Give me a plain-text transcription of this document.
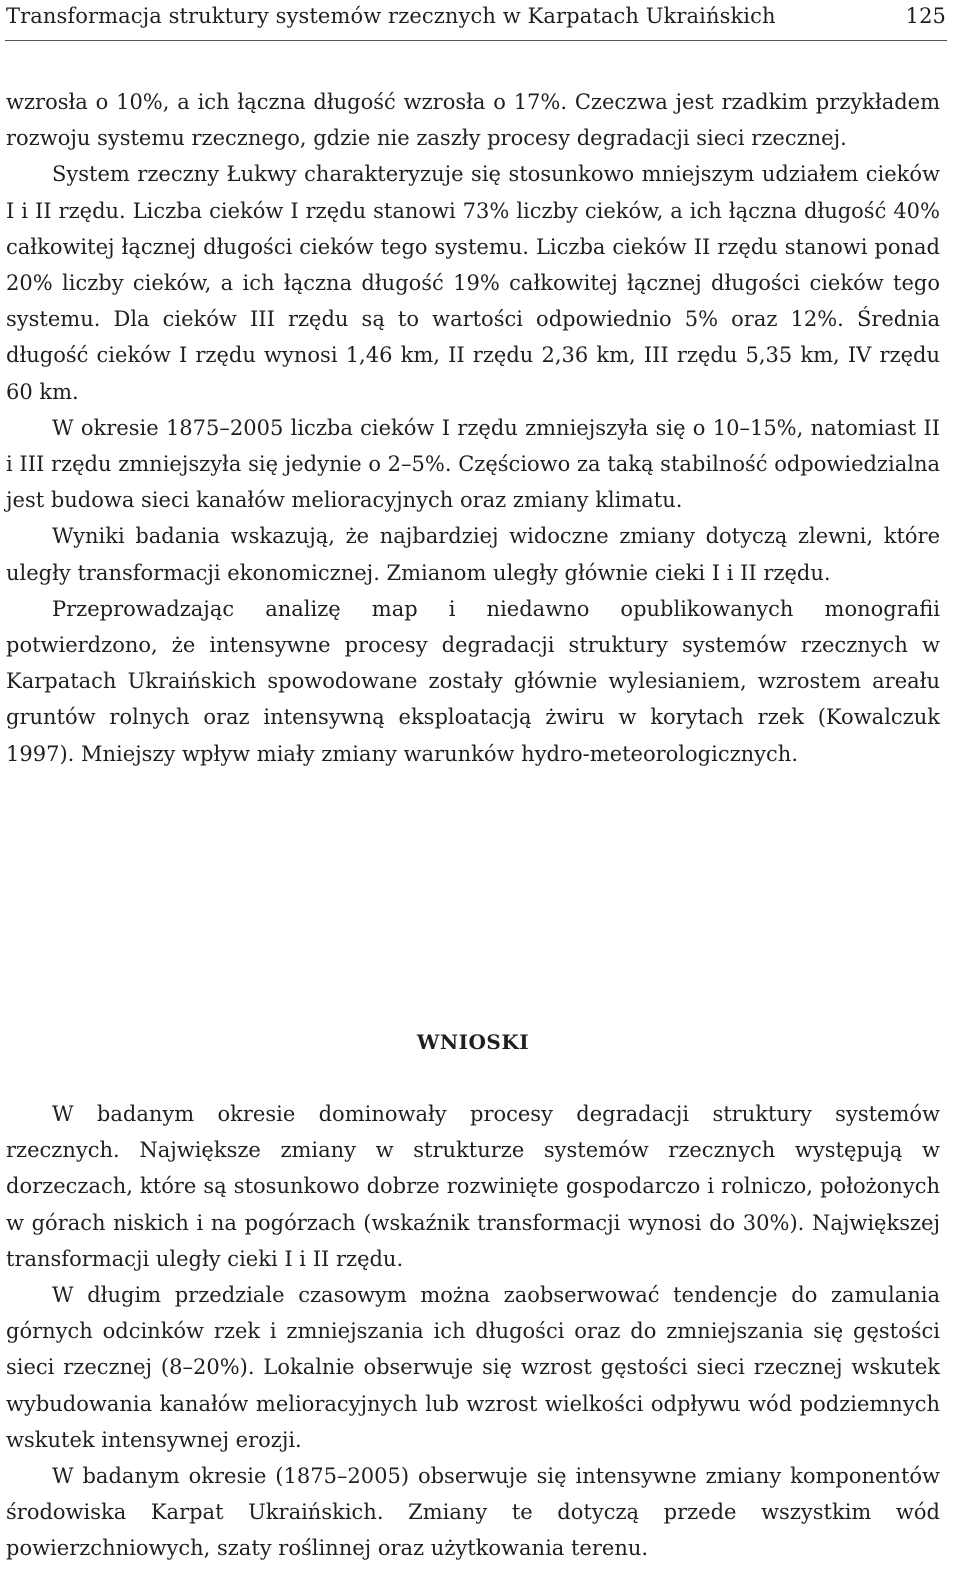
Transformacja struktury systemów rzecznych w Karpatach Ukraińskich	125

wzrosła o 10%, a ich łączna długość wzrosła o 17%. Czeczwa jest rzadkim przykładem rozwoju systemu rzecznego, gdzie nie zaszły procesy degradacji sieci rzecznej.

System rzeczny Łukwy charakteryzuje się stosunkowo mniejszym udziałem cieków I i II rzędu. Liczba cieków I rzędu stanowi 73% liczby cieków, a ich łączna długość 40% całkowitej łącznej długości cieków tego systemu. Liczba cieków II rzędu stanowi ponad 20% liczby cieków, a ich łączna długość 19% całkowitej łącznej długości cieków tego systemu. Dla cieków III rzędu są to wartości odpowiednio 5% oraz 12%. Średnia długość cieków I rzędu wynosi 1,46 km, II rzędu 2,36 km, III rzędu 5,35 km, IV rzędu 60 km.

W okresie 1875–2005 liczba cieków I rzędu zmniejszyła się o 10–15%, natomiast II i III rzędu zmniejszyła się jedynie o 2–5%. Częściowo za taką stabilność odpowiedzialna jest budowa sieci kanałów melioracyjnych oraz zmiany klimatu.

Wyniki badania wskazują, że najbardziej widoczne zmiany dotyczą zlewni, które uległy transformacji ekonomicznej. Zmianom uległy głównie cieki I i II rzędu.

Przeprowadzając analizę map i niedawno opublikowanych monografii potwierdzono, że intensywne procesy degradacji struktury systemów rzecznych w Karpatach Ukraińskich spowodowane zostały głównie wylesianiem, wzrostem areału gruntów rolnych oraz intensywną eksploatacją żwiru w korytach rzek (Kowalczuk 1997). Mniejszy wpływ miały zmiany warunków hydro-meteorologicznych.

WNIOSKI

W badanym okresie dominowały procesy degradacji struktury systemów rzecznych. Największe zmiany w strukturze systemów rzecznych występują w dorzeczach, które są stosunkowo dobrze rozwinięte gospodarczo i rolniczo, położonych w górach niskich i na pogórzach (wskaźnik transformacji wynosi do 30%). Największej transformacji uległy cieki I i II rzędu.

W długim przedziale czasowym można zaobserwować tendencje do zamulania górnych odcinków rzek i zmniejszania ich długości oraz do zmniejszania się gęstości sieci rzecznej (8–20%). Lokalnie obserwuje się wzrost gęstości sieci rzecznej wskutek wybudowania kanałów melioracyjnych lub wzrost wielkości odpływu wód podziemnych wskutek intensywnej erozji.

W badanym okresie (1875–2005) obserwuje się intensywne zmiany komponentów środowiska Karpat Ukraińskich. Zmiany te dotyczą przede wszystkim wód powierzchniowych, szaty roślinnej oraz użytkowania terenu.
